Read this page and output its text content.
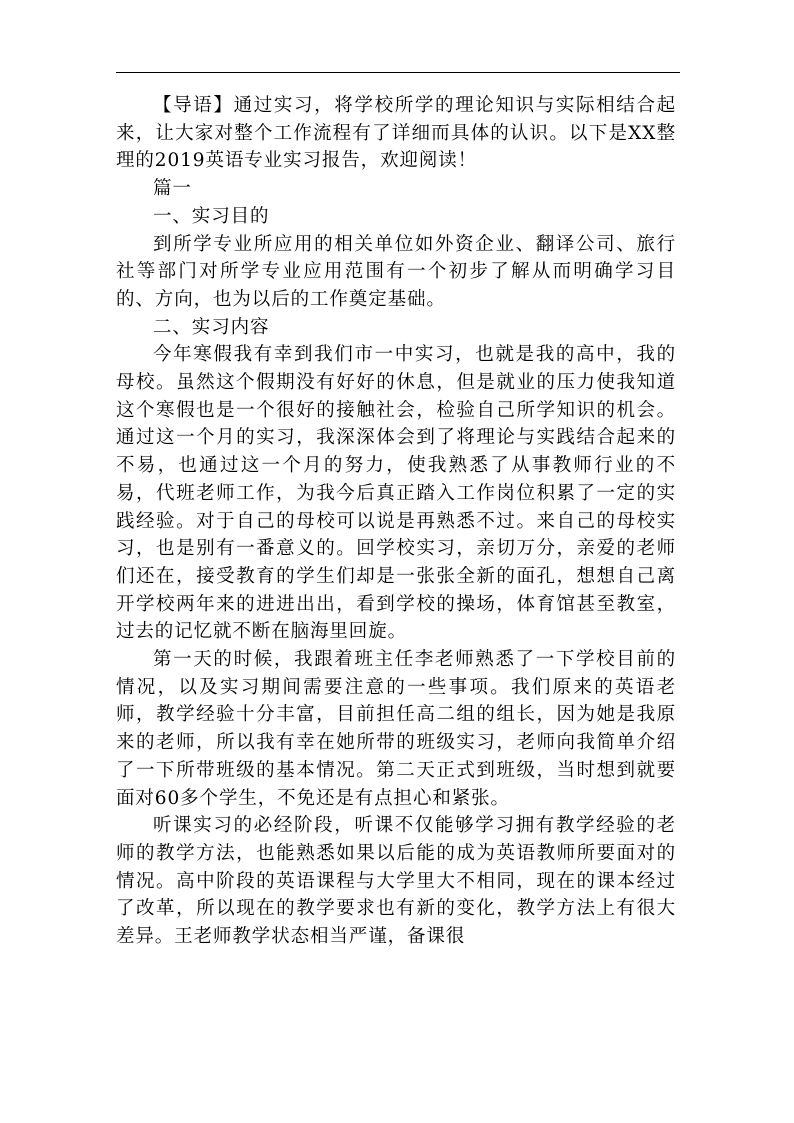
【导语】通过实习，将学校所学的理论知识与实际相结合起来，让大家对整个工作流程有了详细而具体的认识。以下是XX整理的2019英语专业实习报告，欢迎阅读！

篇一

一、实习目的

到所学专业所应用的相关单位如外资企业、翻译公司、旅行社等部门对所学专业应用范围有一个初步了解从而明确学习目的、方向，也为以后的工作奠定基础。

二、实习内容

今年寒假我有幸到我们市一中实习，也就是我的高中，我的母校。虽然这个假期没有好好的休息，但是就业的压力使我知道这个寒假也是一个很好的接触社会，检验自己所学知识的机会。通过这一个月的实习，我深深体会到了将理论与实践结合起来的不易，也通过这一个月的努力，使我熟悉了从事教师行业的不易，代班老师工作，为我今后真正踏入工作岗位积累了一定的实践经验。对于自己的母校可以说是再熟悉不过。来自己的母校实习，也是别有一番意义的。回学校实习，亲切万分，亲爱的老师们还在，接受教育的学生们却是一张张全新的面孔，想想自己离开学校两年来的进进出出，看到学校的操场，体育馆甚至教室，过去的记忆就不断在脑海里回旋。

第一天的时候，我跟着班主任李老师熟悉了一下学校目前的情况，以及实习期间需要注意的一些事项。我们原来的英语老师，教学经验十分丰富，目前担任高二组的组长，因为她是我原来的老师，所以我有幸在她所带的班级实习，老师向我简单介绍了一下所带班级的基本情况。第二天正式到班级，当时想到就要面对60多个学生，不免还是有点担心和紧张。

听课实习的必经阶段，听课不仅能够学习拥有教学经验的老师的教学方法，也能熟悉如果以后能的成为英语教师所要面对的情况。高中阶段的英语课程与大学里大不相同，现在的课本经过了改革，所以现在的教学要求也有新的变化，教学方法上有很大差异。王老师教学状态相当严谨，备课很
